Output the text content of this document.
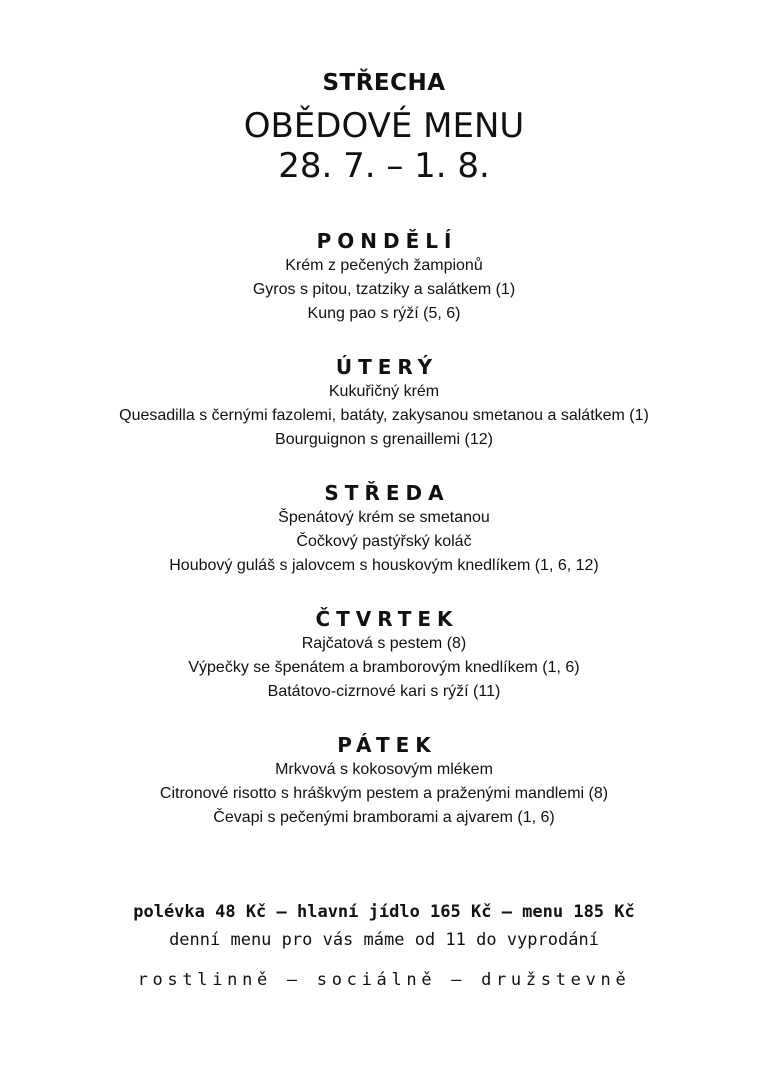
STŘECHA
OBĚDOVÉ MENU
28. 7. – 1. 8.
PONDĚLÍ
Krém z pečených žampionů
Gyros s pitou, tzatziky a salátkem (1)
Kung pao s rýží (5, 6)
ÚTERÝ
Kukuřičný krém
Quesadilla s černými fazolemi, batáty, zakysanou smetanou a salátkem (1)
Bourguignon s grenaillemi (12)
STŘEDA
Špenátový krém se smetanou
Čočkový pastýřský koláč
Houbový guláš s jalovcem s houskovým knedlíkem (1, 6, 12)
ČTVRTEK
Rajčatová s pestem (8)
Výpečky se špenátem a bramborovým knedlíkem (1, 6)
Batátovo-cizrnové kari s rýží (11)
PÁTEK
Mrkvová s kokosovým mlékem
Citronové risotto s hráškvým pestem a praženými mandlemi (8)
Čevapi s pečenými bramborami a ajvarem (1, 6)
polévka 48 Kč – hlavní jídlo 165 Kč – menu 185 Kč
denní menu pro vás máme od 11 do vyprodání
rostlinně – sociálně – družstevně
